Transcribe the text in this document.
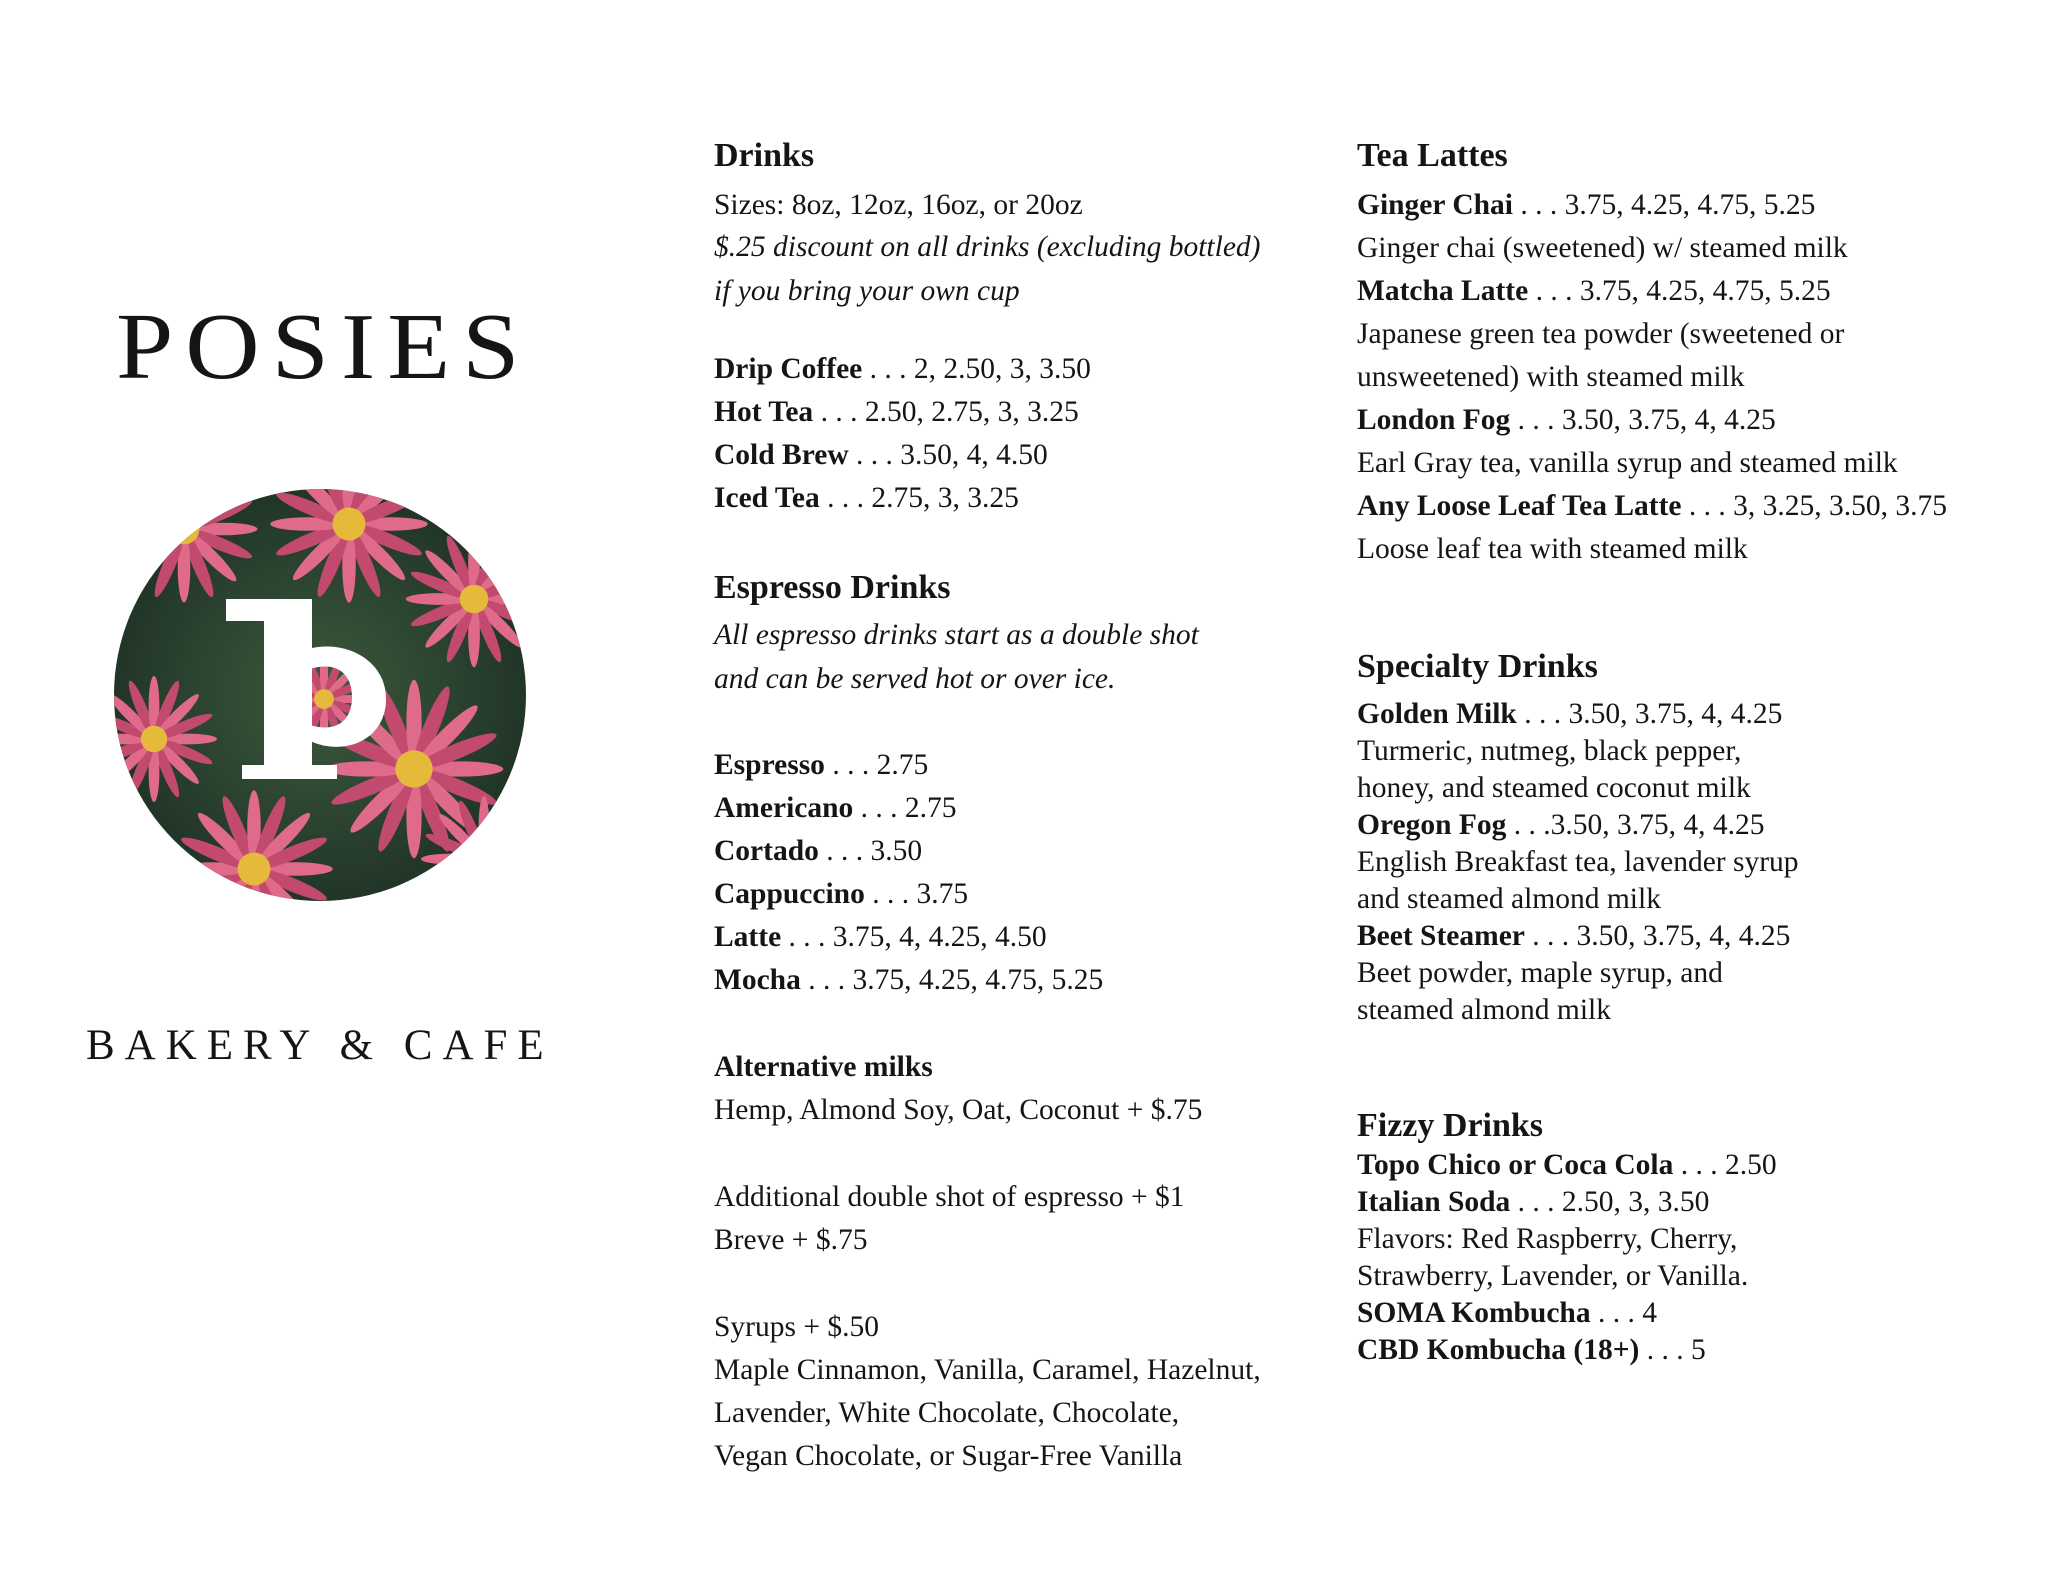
POSIES
BAKERY & CAFE
Drinks
Sizes: 8oz, 12oz, 16oz, or 20oz
$.25 discount on all drinks (excluding bottled)
if you bring your own cup
Drip Coffee . . . 2, 2.50, 3, 3.50
Hot Tea . . . 2.50, 2.75, 3, 3.25
Cold Brew . . . 3.50, 4, 4.50
Iced Tea . . . 2.75, 3, 3.25
Espresso Drinks
All espresso drinks start as a double shot
and can be served hot or over ice.
Espresso . . . 2.75
Americano . . . 2.75
Cortado . . . 3.50
Cappuccino . . . 3.75
Latte . . . 3.75, 4, 4.25, 4.50
Mocha . . . 3.75, 4.25, 4.75, 5.25
Alternative milks
Hemp, Almond Soy, Oat, Coconut + $.75
Additional double shot of espresso + $1
Breve + $.75
Syrups + $.50
Maple Cinnamon, Vanilla, Caramel, Hazelnut,
Lavender, White Chocolate, Chocolate,
Vegan Chocolate, or Sugar-Free Vanilla
Tea Lattes
Ginger Chai . . . 3.75, 4.25, 4.75, 5.25
Ginger chai (sweetened) w/ steamed milk
Matcha Latte . . . 3.75, 4.25, 4.75, 5.25
Japanese green tea powder (sweetened or
unsweetened) with steamed milk
London Fog . . . 3.50, 3.75, 4, 4.25
Earl Gray tea, vanilla syrup and steamed milk
Any Loose Leaf Tea Latte . . . 3, 3.25, 3.50, 3.75
Loose leaf tea with steamed milk
Specialty Drinks
Golden Milk . . . 3.50, 3.75, 4, 4.25
Turmeric, nutmeg, black pepper,
honey, and steamed coconut milk
Oregon Fog . . .3.50, 3.75, 4, 4.25
English Breakfast tea, lavender syrup
and steamed almond milk
Beet Steamer . . . 3.50, 3.75, 4, 4.25
Beet powder, maple syrup, and
steamed almond milk
Fizzy Drinks
Topo Chico or Coca Cola . . . 2.50
Italian Soda . . . 2.50, 3, 3.50
Flavors: Red Raspberry, Cherry,
Strawberry, Lavender, or Vanilla.
SOMA Kombucha . . . 4
CBD Kombucha (18+) . . . 5
